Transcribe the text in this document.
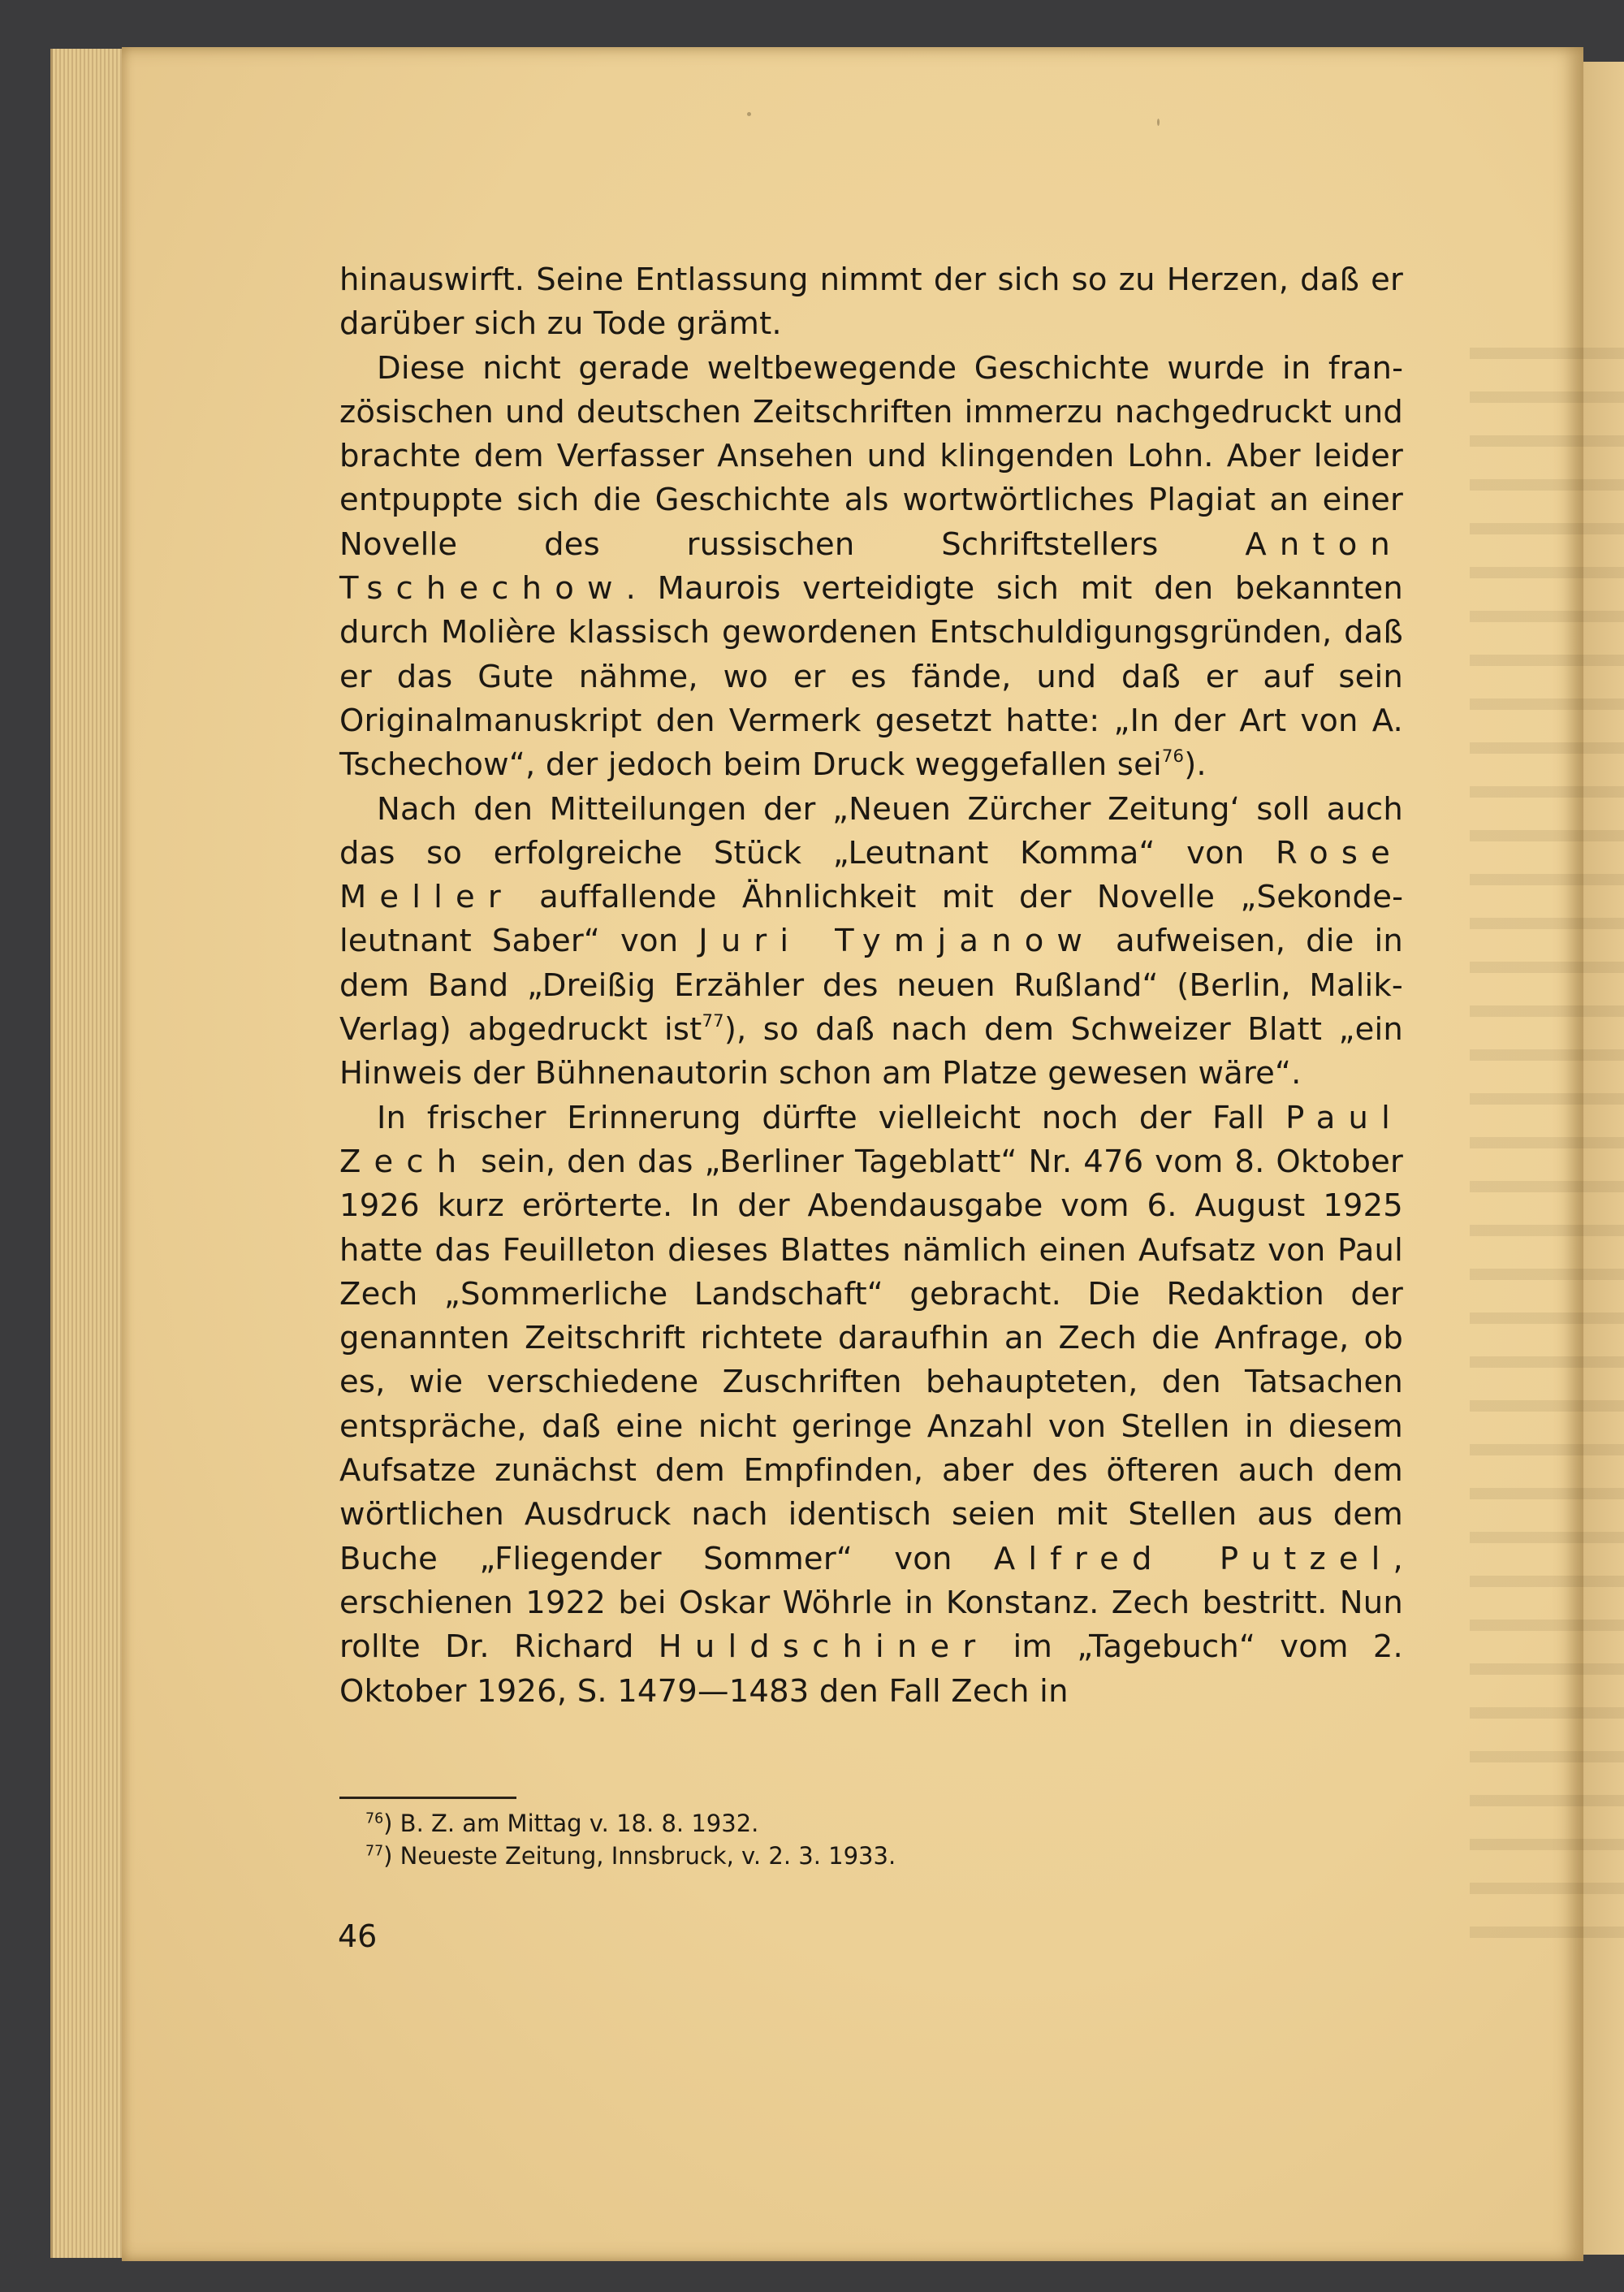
hinauswirft. Seine Entlassung nimmt der sich so zu Herzen, daß er darüber sich zu Tode grämt.

Diese nicht gerade weltbewegende Geschichte wurde in französischen und deutschen Zeitschriften immerzu nachgedruckt und brachte dem Verfasser Ansehen und klingenden Lohn. Aber leider entpuppte sich die Geschichte als wortwörtliches Plagiat an einer Novelle des russischen Schriftstellers Anton Tschechow. Maurois verteidigte sich mit den bekannten durch Molière klassisch gewordenen Entschuldigungsgründen, daß er das Gute nähme, wo er es fände, und daß er auf sein Originalmanuskript den Vermerk gesetzt hatte: „In der Art von A. Tschechow“, der jedoch beim Druck weggefallen sei$^{76}$).

Nach den Mitteilungen der „Neuen Zürcher Zeitung‘ soll auch das so erfolgreiche Stück „Leutnant Komma“ von Rose Meller auffallende Ähnlichkeit mit der Novelle „Sekondeleutnant Saber“ von Juri Tymjanow aufweisen, die in dem Band „Dreißig Erzähler des neuen Rußland“ (Berlin, Malik-Verlag) abgedruckt ist$^{77}$), so daß nach dem Schweizer Blatt „ein Hinweis der Bühnenautorin schon am Platze gewesen wäre“.

In frischer Erinnerung dürfte vielleicht noch der Fall Paul Zech sein, den das „Berliner Tageblatt“ Nr. 476 vom 8. Oktober 1926 kurz erörterte. In der Abendausgabe vom 6. August 1925 hatte das Feuilleton dieses Blattes nämlich einen Aufsatz von Paul Zech „Sommerliche Landschaft“ gebracht. Die Redaktion der genannten Zeitschrift richtete daraufhin an Zech die Anfrage, ob es, wie verschiedene Zuschriften behaupteten, den Tatsachen entspräche, daß eine nicht geringe Anzahl von Stellen in diesem Aufsatze zunächst dem Empfinden, aber des öfteren auch dem wörtlichen Ausdruck nach identisch seien mit Stellen aus dem Buche „Fliegender Sommer“ von Alfred Putzel, erschienen 1922 bei Oskar Wöhrle in Konstanz. Zech bestritt. Nun rollte Dr. Richard Huldschiner im „Tagebuch“ vom 2. Oktober 1926, S. 1479—1483 den Fall Zech in

$^{76}$) B. Z. am Mittag v. 18. 8. 1932.

$^{77}$) Neueste Zeitung, Innsbruck, v. 2. 3. 1933.

46
